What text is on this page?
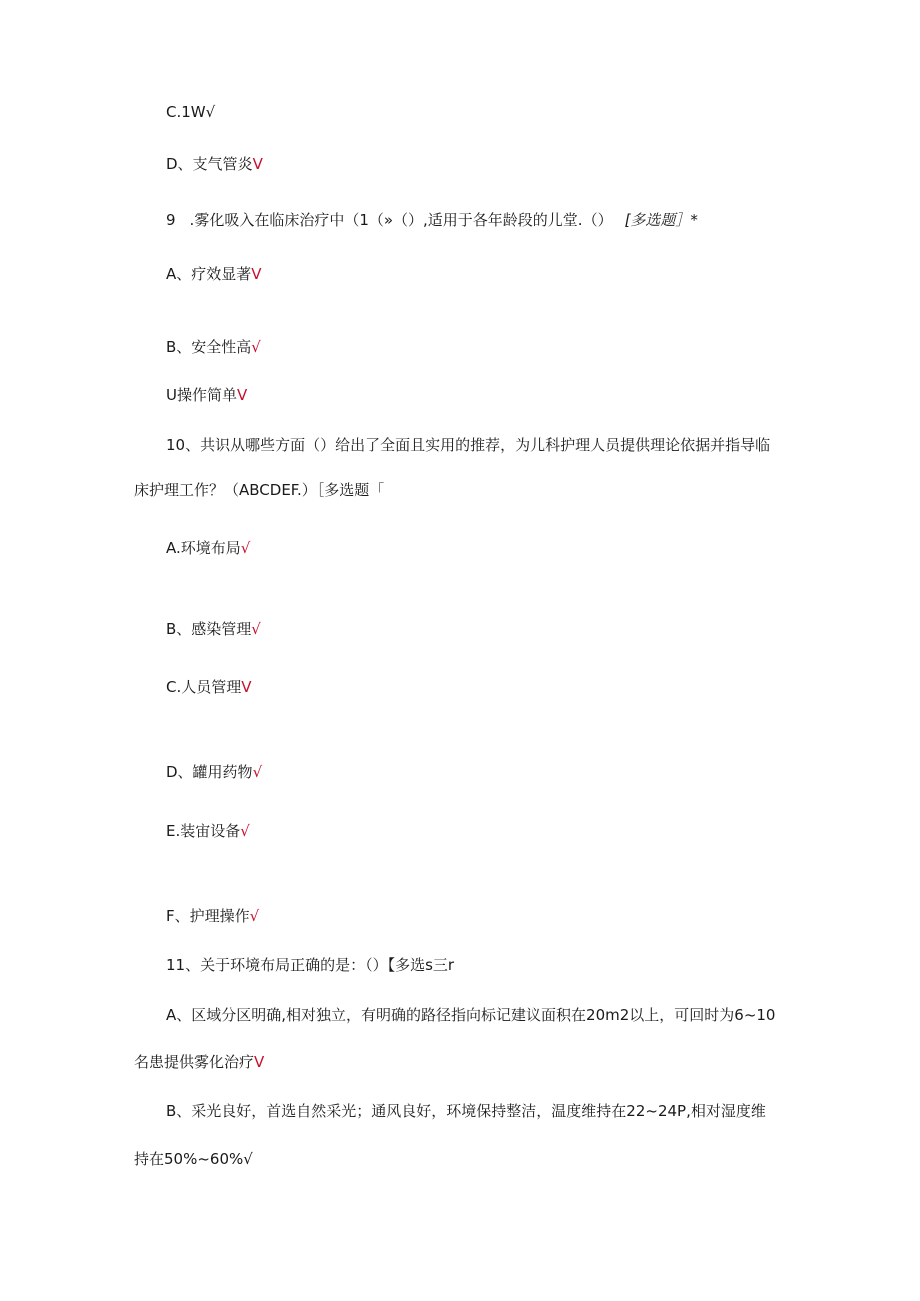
C.1W√
D、支气管炎V
9 .雾化吸入在临床治疗中（1（»（）,适用于各年龄段的儿堂.（） [多选题］*
A、疗效显著V
B、安全性高√
U操作简单V
10、共识从哪些方面（）给出了全面且实用的推荐，为儿科护理人员提供理论依据并指导临
床护理工作？（ABCDEF.）［多选题「
A.环境布局√
B、感染管理√
C.人员管理V
D、罐用药物√
E.装宙设备√
F、护理操作√
11、关于环境布局正确的是：（）【多选s三r
A、区域分区明确,相对独立，有明确的路径指向标记建议面积在20m2以上，可回时为6~10
名患提供雾化治疗V
B、采光良好，首选自然采光；通风良好，环境保持整洁，温度维持在22~24P,相对湿度维
持在50%~60%√
